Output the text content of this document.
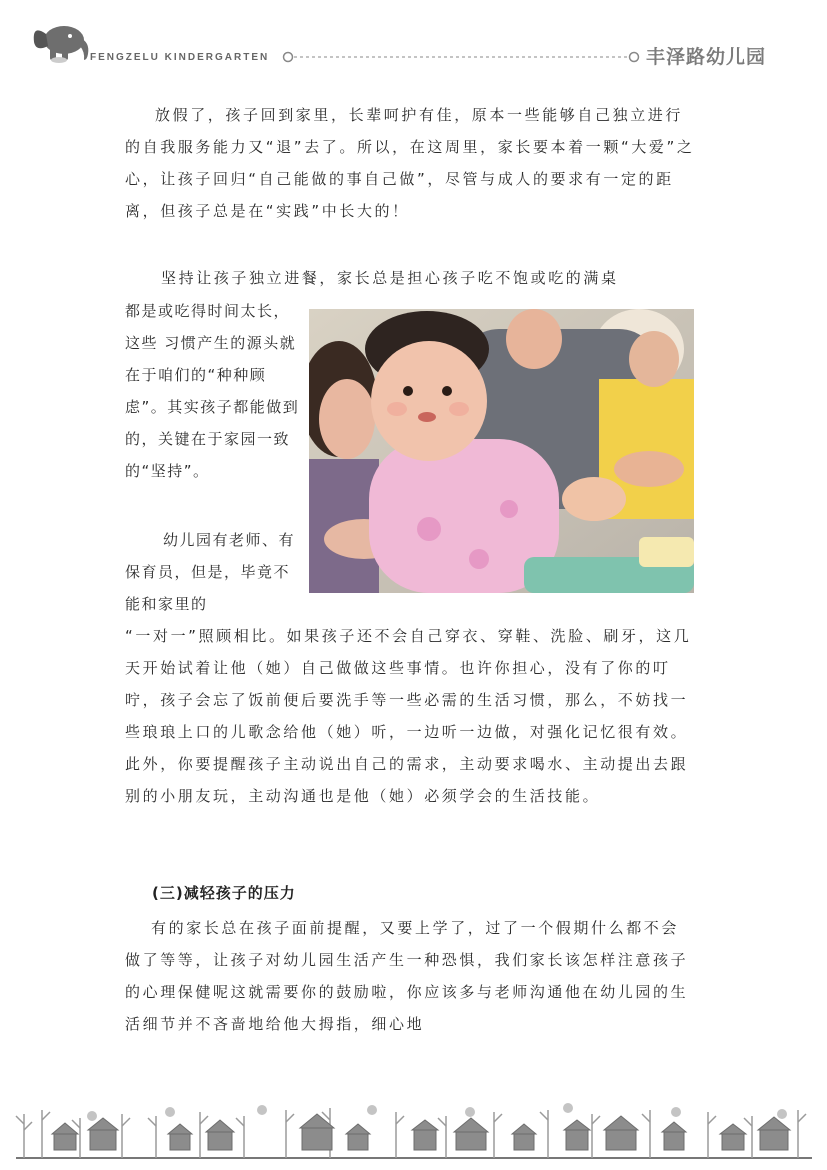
FENGZELU KINDERGARTEN	丰泽路幼儿园

放假了，孩子回到家里，长辈呵护有佳，原本一些能够自己独立进行的自我服务能力又“退”去了。所以，在这周里，家长要本着一颗“大爱”之心，让孩子回归“自己能做的事自己做”，尽管与成人的要求有一定的距离，但孩子总是在“实践”中长大的！

坚持让孩子独立进餐，家长总是担心孩子吃不饱或吃的满桌

都是或吃得时间太长，这些 习惯产生的源头就在于咱们的“种种顾虑”。其实孩子都能做到的，关键在于家园一致的“坚持”。

幼儿园有老师、有保育员，但是，毕竟不能和家里的

“一对一”照顾相比。如果孩子还不会自己穿衣、穿鞋、洗脸、刷牙，这几天开始试着让他（她）自己做做这些事情。也许你担心，没有了你的叮咛，孩子会忘了饭前便后要洗手等一些必需的生活习惯，那么，不妨找一些琅琅上口的儿歌念给他（她）听，一边听一边做，对强化记忆很有效。此外，你要提醒孩子主动说出自己的需求，主动要求喝水、主动提出去跟别的小朋友玩，主动沟通也是他（她）必须学会的生活技能。

(三)减轻孩子的压力

有的家长总在孩子面前提醒，又要上学了，过了一个假期什么都不会做了等等，让孩子对幼儿园生活产生一种恐惧，我们家长该怎样注意孩子的心理保健呢这就需要你的鼓励啦，你应该多与老师沟通他在幼儿园的生活细节并不吝啬地给他大拇指，细心地
